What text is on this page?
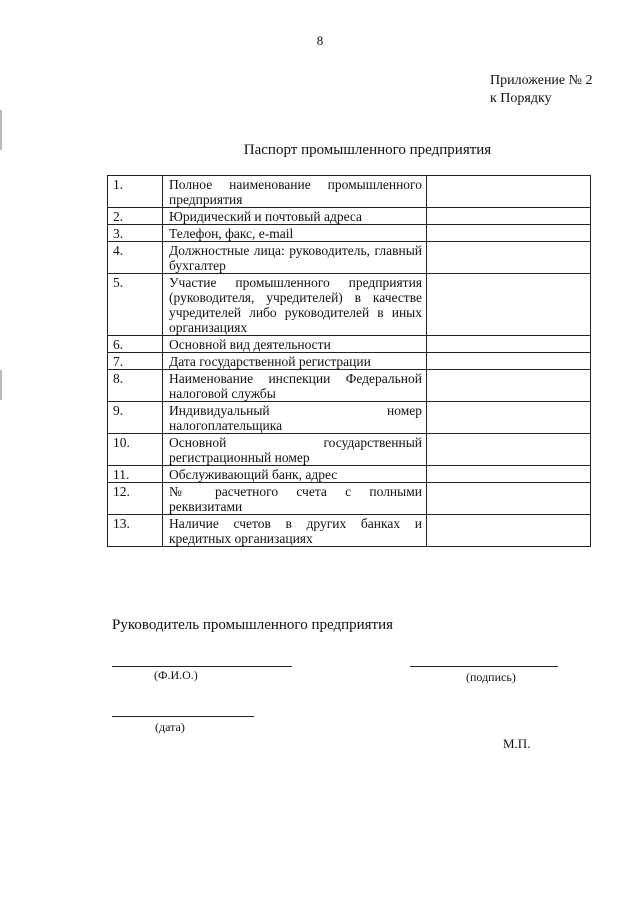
8
Приложение № 2
к Порядку
Паспорт промышленного предприятия
1.	Полное наименование промышленного предприятия	
2.	Юридический и почтовый адреса	
3.	Телефон, факс, e-mail	
4.	Должностные лица: руководитель, главный бухгалтер	
5.	Участие промышленного предприятия (руководителя, учредителей) в качестве учредителей либо руководителей в иных организациях	
6.	Основной вид деятельности	
7.	Дата государственной регистрации	
8.	Наименование инспекции Федеральной налоговой службы	
9.	Индивидуальный номер налогоплательщика	
10.	Основной государственный регистрационный номер	
11.	Обслуживающий банк, адрес	
12.	№ расчетного счета с полными реквизитами	
13.	Наличие счетов в других банках и кредитных организациях	
Руководитель промышленного предприятия
(Ф.И.О.)	(подпись)
(дата)
М.П.
